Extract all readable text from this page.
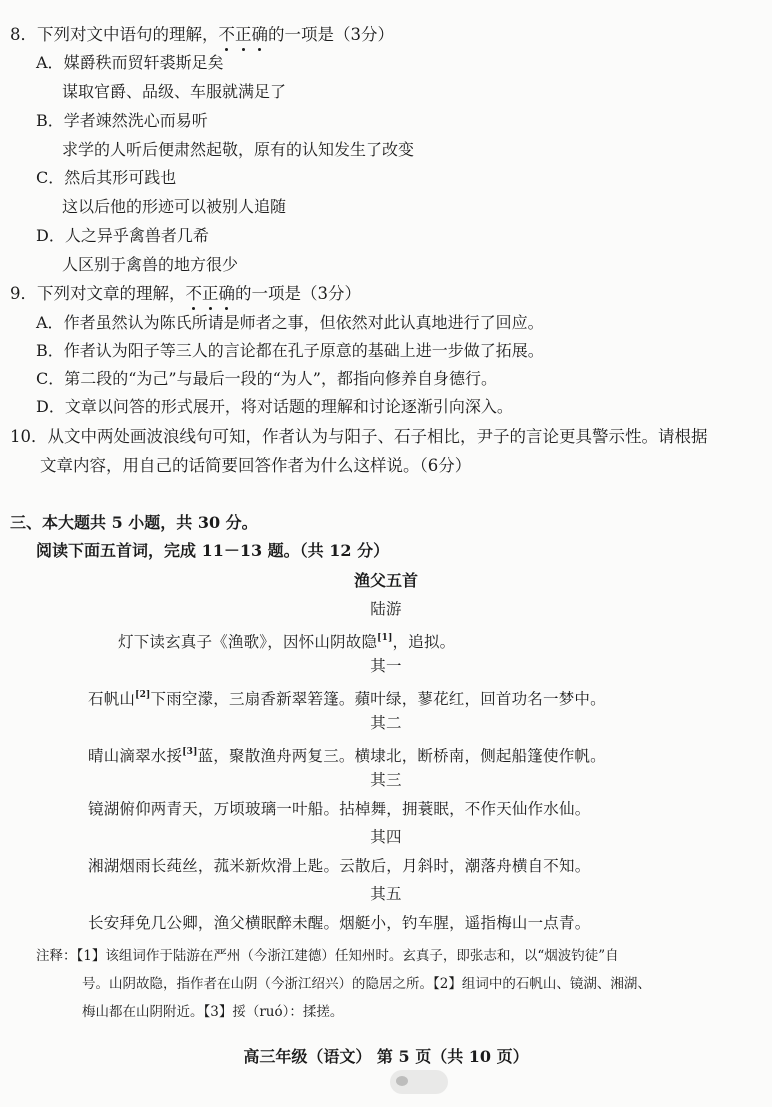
8．下列对文中语句的理解，不正确的一项是（3分）
A．媒爵秩而贸轩裘斯足矣
谋取官爵、品级、车服就满足了
B．学者竦然洗心而易听
求学的人听后便肃然起敬，原有的认知发生了改变
C．然后其形可践也
这以后他的形迹可以被别人追随
D．人之异乎禽兽者几希
人区别于禽兽的地方很少
9．下列对文章的理解，不正确的一项是（3分）
A．作者虽然认为陈氏所请是师者之事，但依然对此认真地进行了回应。
B．作者认为阳子等三人的言论都在孔子原意的基础上进一步做了拓展。
C．第二段的“为己”与最后一段的“为人”，都指向修养自身德行。
D．文章以问答的形式展开，将对话题的理解和讨论逐渐引向深入。
10．从文中两处画波浪线句可知，作者认为与阳子、石子相比，尹子的言论更具警示性。请根据
文章内容，用自己的话简要回答作者为什么这样说。（6分）
三、本大题共 5 小题，共 30 分。
阅读下面五首词，完成 11－13 题。（共 12 分）
渔父五首
陆游
灯下读玄真子《渔歌》，因怀山阴故隐[1]，追拟。
其一
石帆山[2]下雨空濛，三扇香新翠箬篷。蘋叶绿，蓼花红，回首功名一梦中。
其二
晴山滴翠水挼[3]蓝，聚散渔舟两复三。横埭北，断桥南，侧起船篷使作帆。
其三
镜湖俯仰两青天，万顷玻璃一叶船。拈棹舞，拥蓑眠，不作天仙作水仙。
其四
湘湖烟雨长莼丝，菰米新炊滑上匙。云散后，月斜时，潮落舟横自不知。
其五
长安拜免几公卿，渔父横眠醉未醒。烟艇小，钓车腥，遥指梅山一点青。
注释：【1】该组词作于陆游在严州（今浙江建德）任知州时。玄真子，即张志和，以“烟波钓徒”自
号。山阴故隐，指作者在山阴（今浙江绍兴）的隐居之所。【2】组词中的石帆山、镜湖、湘湖、
梅山都在山阴附近。【3】挼（ruó）：揉搓。
高三年级（语文） 第 5 页（共 10 页）
